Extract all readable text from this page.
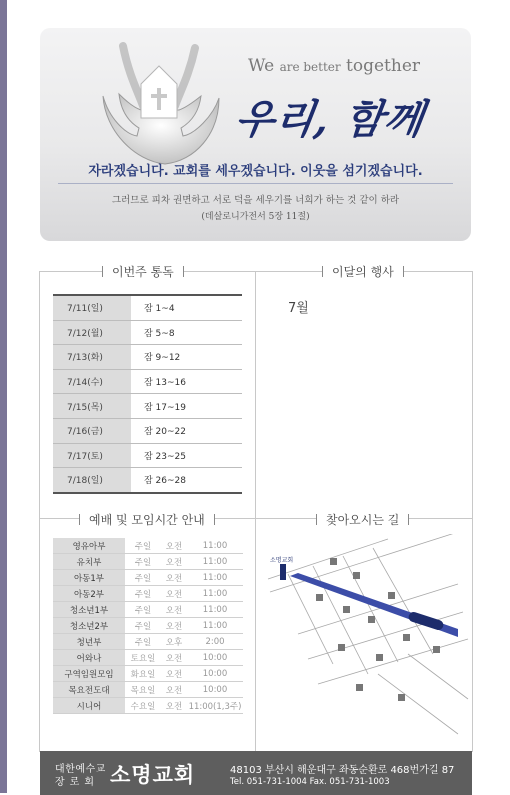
We are better together
우리, 함께
자라겠습니다. 교회를 세우겠습니다. 이웃을 섬기겠습니다.
그러므로 피차 권면하고 서로 덕을 세우기를 너희가 하는 것 같이 하라
(데살로니가전서 5장 11절)
이번주 통독	이달의 행사
예배 및 모임시간 안내	찾아오시는 길
7/11(일)	잠 1~4
7/12(월)	잠 5~8
7/13(화)	잠 9~12
7/14(수)	잠 13~16
7/15(목)	잠 17~19
7/16(금)	잠 20~22
7/17(토)	잠 23~25
7/18(일)	잠 26~28
7월
영유아부	주일	오전	11:00
유치부	주일	오전	11:00
아동1부	주일	오전	11:00
아동2부	주일	오전	11:00
청소년1부	주일	오전	11:00
청소년2부	주일	오전	11:00
청년부	주일	오후	2:00
어와나	토요일	오전	10:00
구역임원모임	화요일	오전	10:00
목요전도대	목요일	오전	10:00
시니어	수요일	오전	11:00(1,3주)
소명교회
대한예수교
장로회 소명교회	48103 부산시 해운대구 좌동순환로 468번가길 87
Tel. 051-731-1004 Fax. 051-731-1003
